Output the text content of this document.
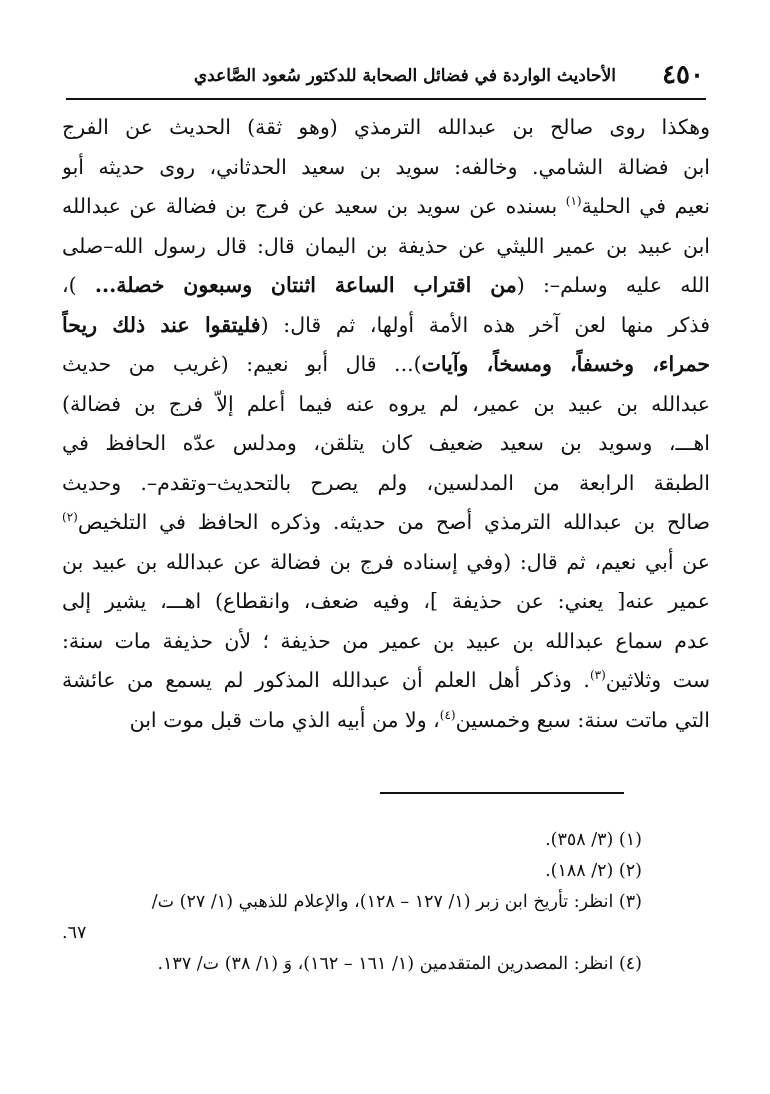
٤٥٠
الأحاديث الواردة في فضائل الصحابة للدكتور سُعود الصَّاعدي
وهكذا روى صالح بن عبدالله الترمذي (وهو ثقة) الحديث عن الفرج
ابن فضالة الشامي. وخالفه: سويد بن سعيد الحدثاني، روى حديثه أبو
نعيم في الحلية$^{(١)}$ بسنده عن سويد بن سعيد عن فرج بن فضالة عن عبدالله
ابن عبيد بن عمير الليثي عن حذيفة بن اليمان قال: قال رسول الله–صلى
الله عليه وسلم–: (من اقتراب الساعة اثنتان وسبعون خصلة... )،
فذكر منها لعن آخر هذه الأمة أولها، ثم قال: (فليتقوا عند ذلك ريحاً
حمراء، وخسفاً، ومسخاً، وآيات)... قال أبو نعيم: (غريب من حديث
عبدالله بن عبيد بن عمير، لم يروه عنه فيما أعلم إلاّ فرج بن فضالة)
اهـــ، وسويد بن سعيد ضعيف كان يتلقن، ومدلس عدّه الحافظ في
الطبقة الرابعة من المدلسين، ولم يصرح بالتحديث–وتقدم–. وحديث
صالح بن عبدالله الترمذي أصح من حديثه. وذكره الحافظ في التلخيص$^{(٢)}$
عن أبي نعيم، ثم قال: (وفي إسناده فرج بن فضالة عن عبدالله بن عبيد بن
عمير عنه[ يعني: عن حذيفة ]، وفيه ضعف، وانقطاع) اهـــ، يشير إلى
عدم سماع عبدالله بن عبيد بن عمير من حذيفة ؛ لأن حذيفة مات سنة:
ست وثلاثين$^{(٣)}$. وذكر أهل العلم أن عبدالله المذكور لم يسمع من عائشة
التي ماتت سنة: سبع وخمسين$^{(٤)}$، ولا من أبيه الذي مات قبل موت ابن
(١) (٣/ ٣٥٨).
(٢) (٢/ ١٨٨).
(٣) انظر: تأريخ ابن زبر (١/ ١٢٧ – ١٢٨)، والإعلام للذهبي (١/ ٢٧) ت/
٦٧.
(٤) انظر: المصدرين المتقدمين (١/ ١٦١ – ١٦٢)، وَ (١/ ٣٨) ت/ ١٣٧.
